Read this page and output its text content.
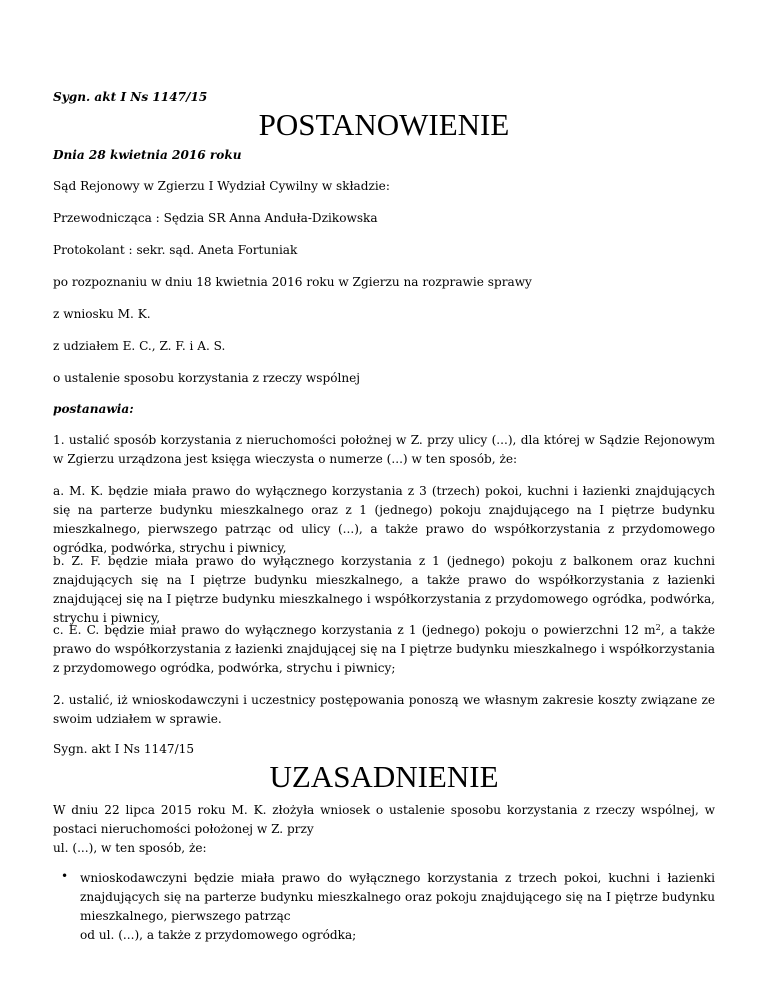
Sygn. akt I Ns 1147/15

POSTANOWIENIE

Dnia 28 kwietnia 2016 roku

Sąd Rejonowy w Zgierzu I Wydział Cywilny w składzie:

Przewodnicząca : Sędzia SR Anna Anduła-Dzikowska

Protokolant : sekr. sąd. Aneta Fortuniak

po rozpoznaniu w dniu 18 kwietnia 2016 roku w Zgierzu na rozprawie sprawy

z wniosku M. K.

z udziałem E. C., Z. F. i A. S.

o ustalenie sposobu korzystania z rzeczy wspólnej

postanawia:

1. ustalić sposób korzystania z nieruchomości położnej w Z. przy ulicy (...), dla której w Sądzie Rejonowym w Zgierzu urządzona jest księga wieczysta o numerze (...) w ten sposób, że:

a. M. K. będzie miała prawo do wyłącznego korzystania z 3 (trzech) pokoi, kuchni i łazienki znajdujących się na parterze budynku mieszkalnego oraz z 1 (jednego) pokoju znajdującego na I piętrze budynku mieszkalnego, pierwszego patrząc od ulicy (...), a także prawo do współkorzystania z przydomowego ogródka, podwórka, strychu i piwnicy,

b. Z. F. będzie miała prawo do wyłącznego korzystania z 1 (jednego) pokoju z balkonem oraz kuchni znajdujących się na I piętrze budynku mieszkalnego, a także prawo do współkorzystania z łazienki znajdującej się na I piętrze budynku mieszkalnego i współkorzystania z przydomowego ogródka, podwórka, strychu i piwnicy,

c. E. C. będzie miał prawo do wyłącznego korzystania z 1 (jednego) pokoju o powierzchni 12 $m^2$, a także prawo do współkorzystania z łazienki znajdującej się na I piętrze budynku mieszkalnego i współkorzystania z przydomowego ogródka, podwórka, strychu i piwnicy;

2. ustalić, iż wnioskodawczyni i uczestnicy postępowania ponoszą we własnym zakresie koszty związane ze swoim udziałem w sprawie.

Sygn. akt I Ns 1147/15

UZASADNIENIE

W dniu 22 lipca 2015 roku M. K. złożyła wniosek o ustalenie sposobu korzystania z rzeczy wspólnej, w postaci nieruchomości położonej w Z. przy
ul. (...), w ten sposób, że:

• wnioskodawczyni będzie miała prawo do wyłącznego korzystania z trzech pokoi, kuchni i łazienki znajdujących się na parterze budynku mieszkalnego oraz pokoju znajdującego się na I piętrze budynku mieszkalnego, pierwszego patrząc
od ul. (...), a także z przydomowego ogródka;
